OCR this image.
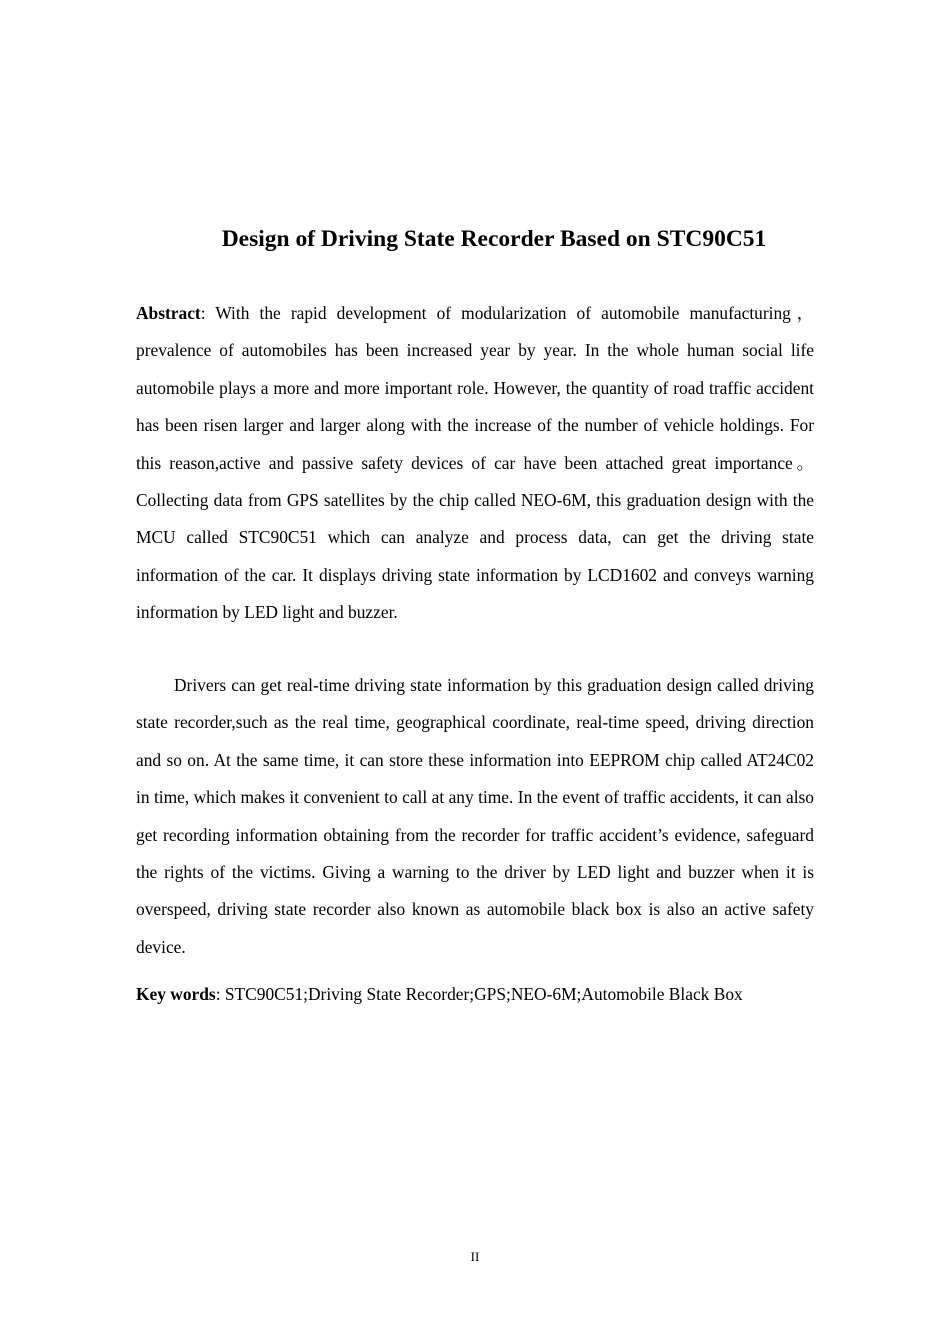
Design of Driving State Recorder Based on STC90C51

Abstract: With the rapid development of modularization of automobile manufacturing，prevalence of automobiles has been increased year by year. In the whole human social life automobile plays a more and more important role. However, the quantity of road traffic accident has been risen larger and larger along with the increase of the number of vehicle holdings. For this reason,active and passive safety devices of car have been attached great importance。Collecting data from GPS satellites by the chip called NEO-6M, this graduation design with the MCU called STC90C51 which can analyze and process data, can get the driving state information of the car. It displays driving state information by LCD1602 and conveys warning information by LED light and buzzer.

Drivers can get real-time driving state information by this graduation design called driving state recorder,such as the real time, geographical coordinate, real-time speed, driving direction and so on. At the same time, it can store these information into EEPROM chip called AT24C02 in time, which makes it convenient to call at any time. In the event of traffic accidents, it can also get recording information obtaining from the recorder for traffic accident’s evidence, safeguard the rights of the victims. Giving a warning to the driver by LED light and buzzer when it is overspeed, driving state recorder also known as automobile black box is also an active safety device.

Key words: STC90C51;Driving State Recorder;GPS;NEO-6M;Automobile Black Box
II
